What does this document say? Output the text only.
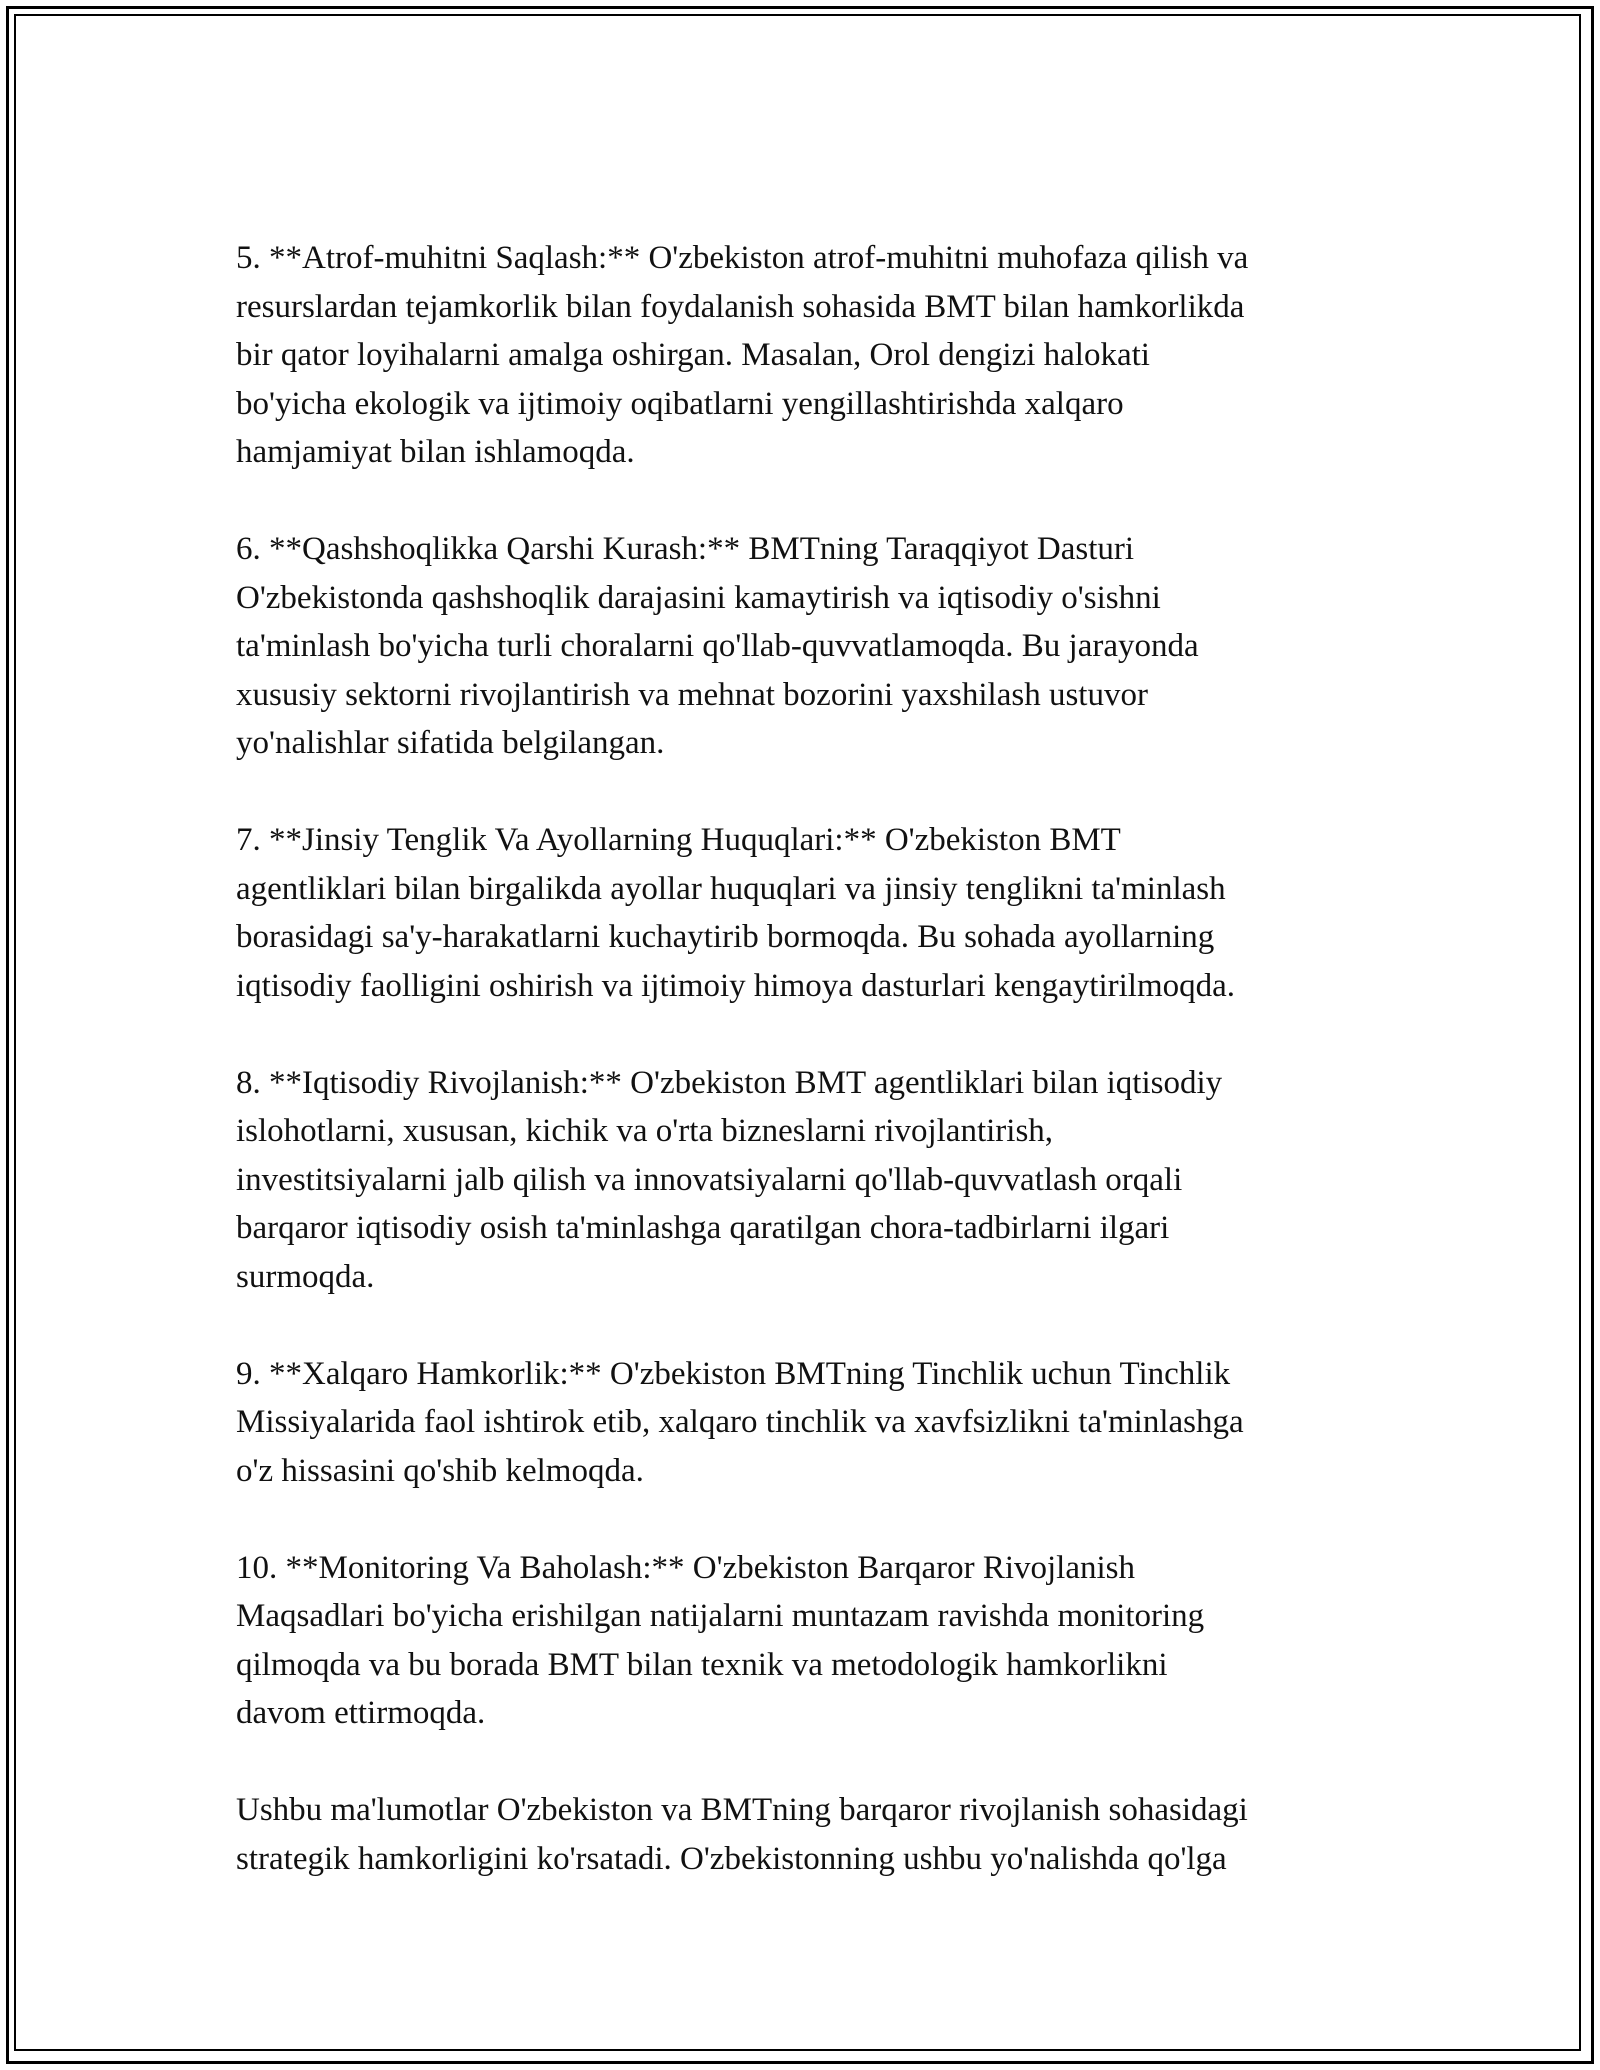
5. **Atrof-muhitni Saqlash:** O'zbekiston atrof-muhitni muhofaza qilish va
resurslardan tejamkorlik bilan foydalanish sohasida BMT bilan hamkorlikda
bir qator loyihalarni amalga oshirgan. Masalan, Orol dengizi halokati
bo'yicha ekologik va ijtimoiy oqibatlarni yengillashtirishda xalqaro
hamjamiyat bilan ishlamoqda.

6. **Qashshoqlikka Qarshi Kurash:** BMTning Taraqqiyot Dasturi
O'zbekistonda qashshoqlik darajasini kamaytirish va iqtisodiy o'sishni
ta'minlash bo'yicha turli choralarni qo'llab-quvvatlamoqda. Bu jarayonda
xususiy sektorni rivojlantirish va mehnat bozorini yaxshilash ustuvor
yo'nalishlar sifatida belgilangan.

7. **Jinsiy Tenglik Va Ayollarning Huquqlari:** O'zbekiston BMT
agentliklari bilan birgalikda ayollar huquqlari va jinsiy tenglikni ta'minlash
borasidagi sa'y-harakatlarni kuchaytirib bormoqda. Bu sohada ayollarning
iqtisodiy faolligini oshirish va ijtimoiy himoya dasturlari kengaytirilmoqda.

8. **Iqtisodiy Rivojlanish:** O'zbekiston BMT agentliklari bilan iqtisodiy
islohotlarni, xususan, kichik va o'rta bizneslarni rivojlantirish,
investitsiyalarni jalb qilish va innovatsiyalarni qo'llab-quvvatlash orqali
barqaror iqtisodiy osish ta'minlashga qaratilgan chora-tadbirlarni ilgari
surmoqda.

9. **Xalqaro Hamkorlik:** O'zbekiston BMTning Tinchlik uchun Tinchlik
Missiyalarida faol ishtirok etib, xalqaro tinchlik va xavfsizlikni ta'minlashga
o'z hissasini qo'shib kelmoqda.

10. **Monitoring Va Baholash:** O'zbekiston Barqaror Rivojlanish
Maqsadlari bo'yicha erishilgan natijalarni muntazam ravishda monitoring
qilmoqda va bu borada BMT bilan texnik va metodologik hamkorlikni
davom ettirmoqda.

Ushbu ma'lumotlar O'zbekiston va BMTning barqaror rivojlanish sohasidagi
strategik hamkorligini ko'rsatadi. O'zbekistonning ushbu yo'nalishda qo'lga
